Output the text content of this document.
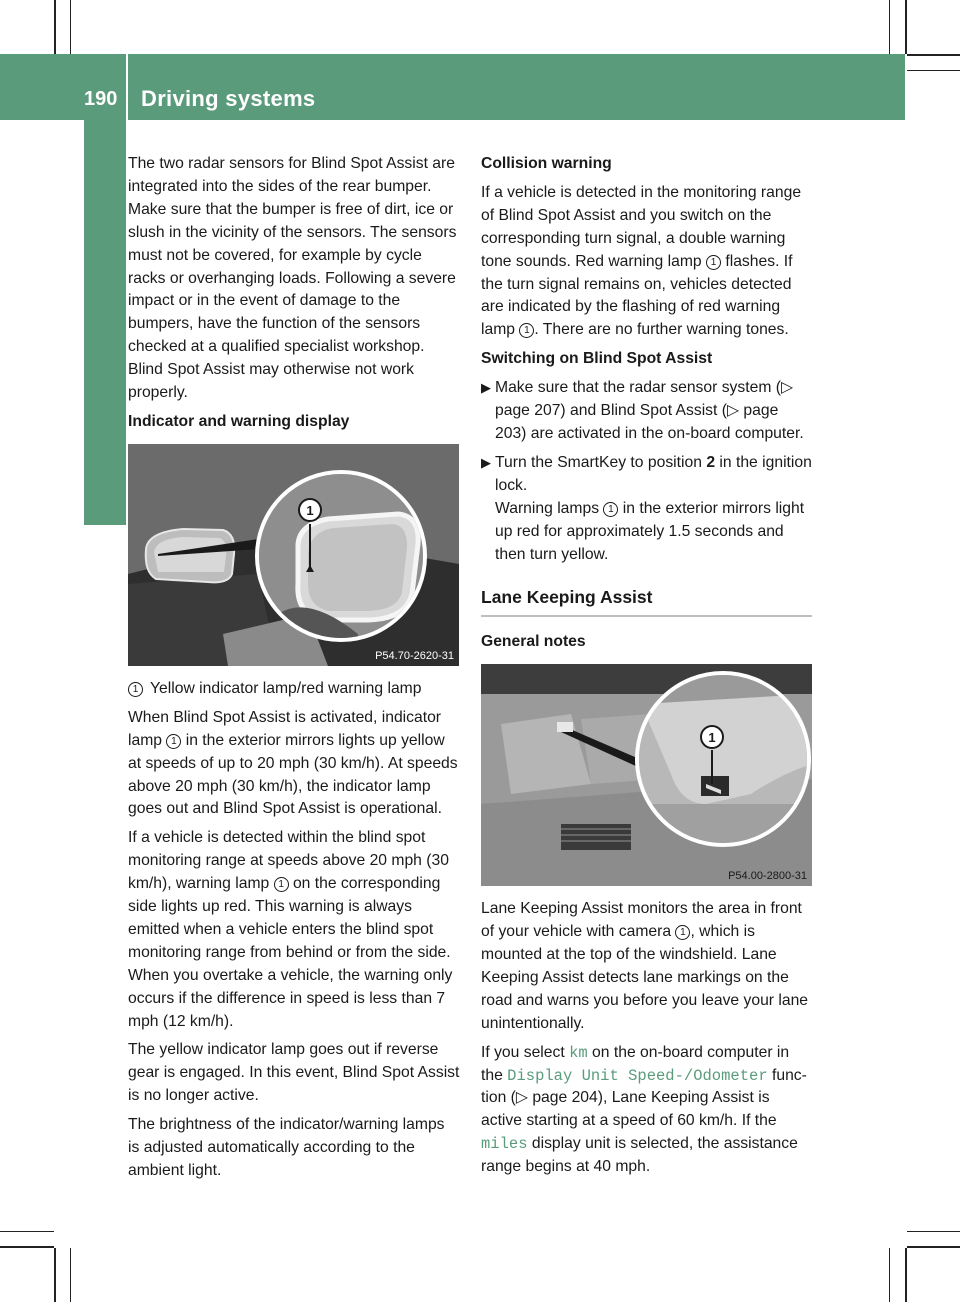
190 Driving systems
Driving and parking

The two radar sensors for Blind Spot Assist are integrated into the sides of the rear bumper. Make sure that the bumper is free of dirt, ice or slush in the vicinity of the sensors. The sensors must not be covered, for example by cycle racks or overhanging loads. Following a severe impact or in the event of damage to the bumpers, have the function of the sensors checked at a qualified specialist workshop. Blind Spot Assist may otherwise not work properly.

Indicator and warning display
1
P54.70-2620-31
1 Yellow indicator lamp/red warning lamp

When Blind Spot Assist is activated, indicator lamp 1 in the exterior mirrors lights up yellow at speeds of up to 20 mph (30 km/h). At speeds above 20 mph (30 km/h), the indicator lamp goes out and Blind Spot Assist is operational.

If a vehicle is detected within the blind spot monitoring range at speeds above 20 mph (30 km/h), warning lamp 1 on the corresponding side lights up red. This warning is always emitted when a vehicle enters the blind spot monitoring range from behind or from the side. When you overtake a vehicle, the warning only occurs if the difference in speed is less than 7 mph (12 km/h).

The yellow indicator lamp goes out if reverse gear is engaged. In this event, Blind Spot Assist is no longer active.

The brightness of the indicator/warning lamps is adjusted automatically according to the ambient light.

Collision warning

If a vehicle is detected in the monitoring range of Blind Spot Assist and you switch on the corresponding turn signal, a double warning tone sounds. Red warning lamp 1 flashes. If the turn signal remains on, vehicles detected are indicated by the flashing of red warning lamp 1 . There are no further warning tones.

Switching on Blind Spot Assist
▶ Make sure that the radar sensor system (▷ page 207) and Blind Spot Assist (▷ page 203) are activated in the on-board computer.
▶ Turn the SmartKey to position 2 in the ignition lock.
Warning lamps 1 in the exterior mirrors light up red for approximately 1.5 seconds and then turn yellow.
Lane Keeping Assist
General notes
1
P54.00-2800-31

Lane Keeping Assist monitors the area in front of your vehicle with camera 1 , which is mounted at the top of the windshield. Lane Keeping Assist detects lane markings on the road and warns you before you leave your lane unintentionally.

If you select km on the on-board computer in the Display Unit Speed-/Odometer function (▷ page 204), Lane Keeping Assist is active starting at a speed of 60 km/h. If the miles display unit is selected, the assistance range begins at 40 mph.
